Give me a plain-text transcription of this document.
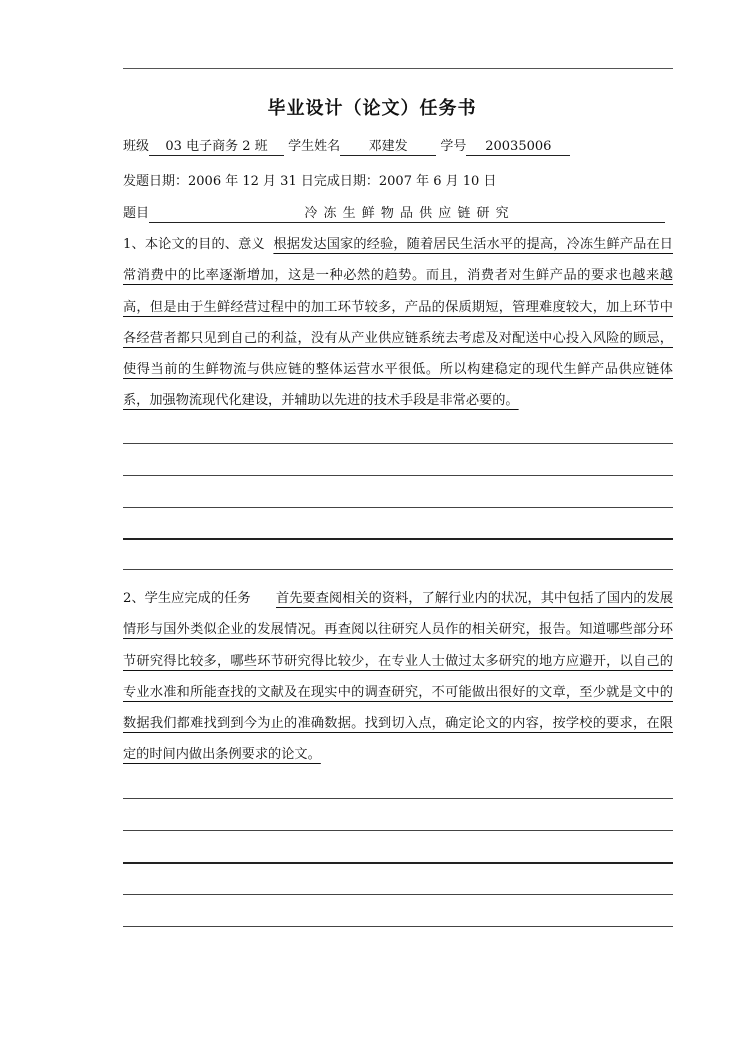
毕业设计（论文）任务书
班级 03 电子商务 2 班 学生姓名 邓建发	学号 20035006
发题日期：2006 年 12 月 31 日完成日期：2007 年 6 月 10 日
题目	冷 冻 生 鲜 物 品 供 应 链 研 究
1、本论文的目的、意义 根据发达国家的经验，随着居民生活水平的提高，冷冻生鲜产品在日常消费中的比率逐渐增加，这是一种必然的趋势。而且，消费者对生鲜产品的要求也越来越高，但是由于生鲜经营过程中的加工环节较多，产品的保质期短，管理难度较大，加上环节中各经营者都只见到自己的利益，没有从产业供应链系统去考虑及对配送中心投入风险的顾忌，使得当前的生鲜物流与供应链的整体运营水平很低。所以构建稳定的现代生鲜产品供应链体系，加强物流现代化建设，并辅助以先进的技术手段是非常必要的。
2、学生应完成的任务 首先要查阅相关的资料，了解行业内的状况，其中包括了国内的发展情形与国外类似企业的发展情况。再查阅以往研究人员作的相关研究，报告。知道哪些部分环节研究得比较多，哪些环节研究得比较少，在专业人士做过太多研究的地方应避开，以自己的专业水准和所能查找的文献及在现实中的调查研究，不可能做出很好的文章，至少就是文中的数据我们都难找到到今为止的准确数据。找到切入点，确定论文的内容，按学校的要求，在限定的时间内做出条例要求的论文。
